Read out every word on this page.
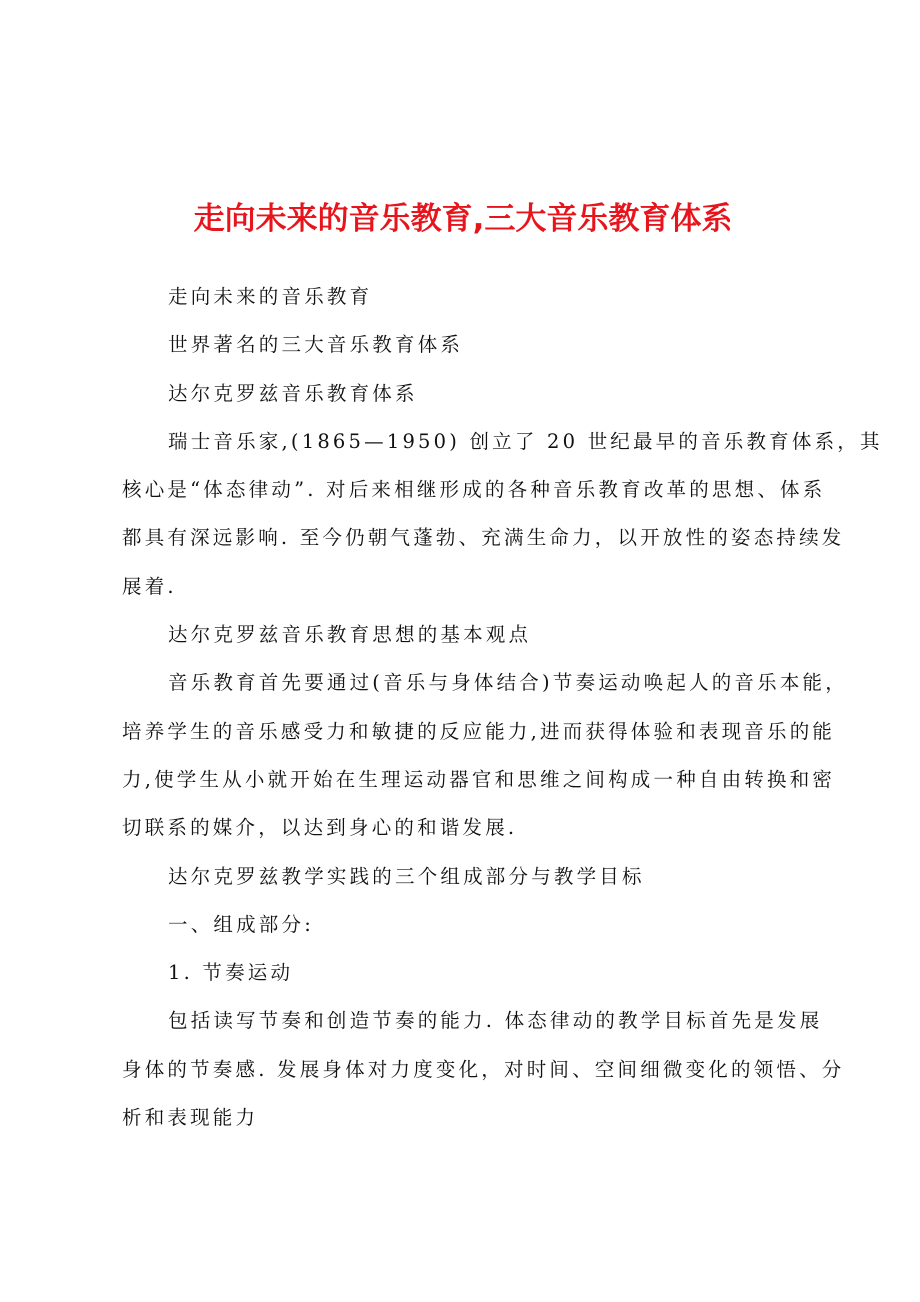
走向未来的音乐教育,三大音乐教育体系
走向未来的音乐教育
世界著名的三大音乐教育体系
达尔克罗兹音乐教育体系
瑞士音乐家,(1865—1950) 创立了 20 世纪最早的音乐教育体系，其
核心是“体态律动”. 对后来相继形成的各种音乐教育改革的思想、体系
都具有深远影响. 至今仍朝气蓬勃、充满生命力，以开放性的姿态持续发
展着.
达尔克罗兹音乐教育思想的基本观点
音乐教育首先要通过(音乐与身体结合)节奏运动唤起人的音乐本能，
培养学生的音乐感受力和敏捷的反应能力,进而获得体验和表现音乐的能
力,使学生从小就开始在生理运动器官和思维之间构成一种自由转换和密
切联系的媒介，以达到身心的和谐发展.
达尔克罗兹教学实践的三个组成部分与教学目标
一、组成部分:
1. 节奏运动
包括读写节奏和创造节奏的能力. 体态律动的教学目标首先是发展
身体的节奏感. 发展身体对力度变化，对时间、空间细微变化的领悟、分
析和表现能力
